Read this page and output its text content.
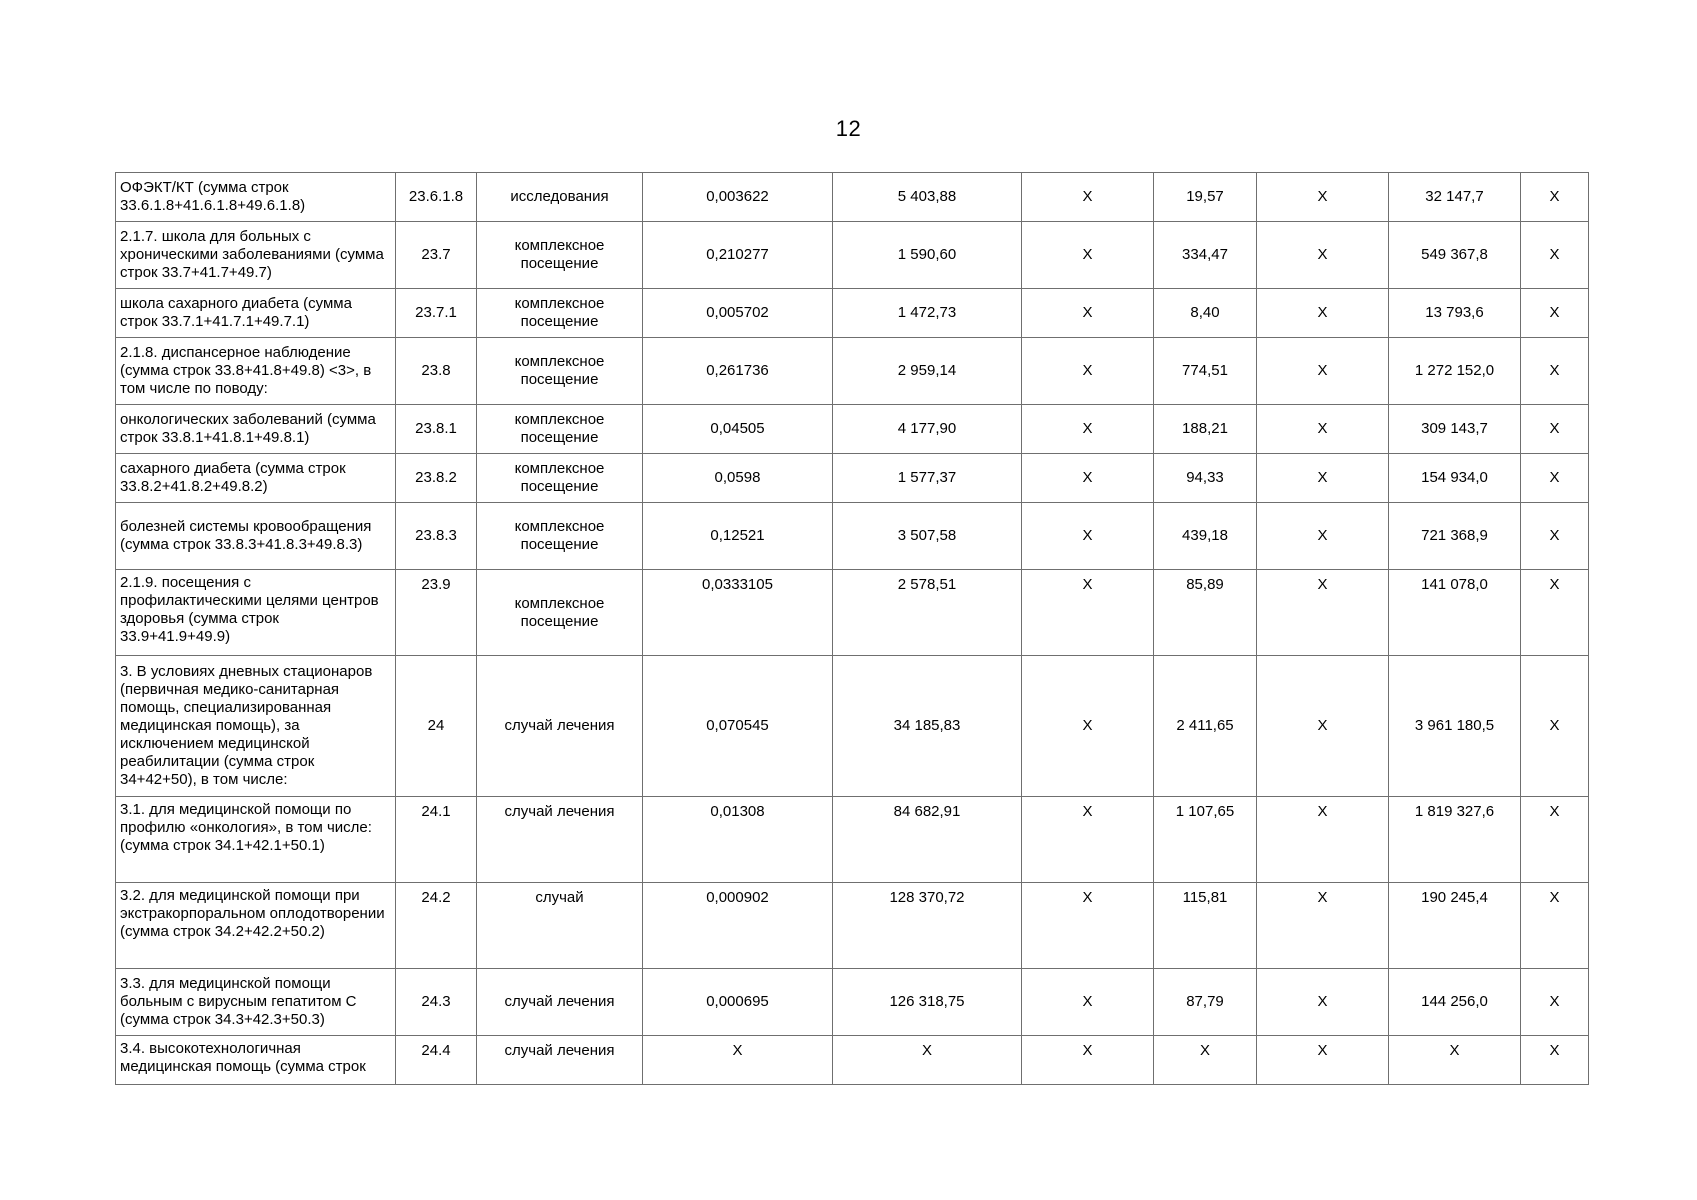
12
ОФЭКТ/КТ (сумма строк 33.6.1.8+41.6.1.8+49.6.1.8)	23.6.1.8	исследования	0,003622	5 403,88	Х	19,57	Х	32 147,7	Х
2.1.7. школа для больных с хроническими заболеваниями (сумма строк 33.7+41.7+49.7)	23.7	комплексное посещение	0,210277	1 590,60	Х	334,47	Х	549 367,8	Х
школа сахарного диабета (сумма строк 33.7.1+41.7.1+49.7.1)	23.7.1	комплексное посещение	0,005702	1 472,73	Х	8,40	Х	13 793,6	Х
2.1.8. диспансерное наблюдение (сумма строк 33.8+41.8+49.8) <3>, в том числе по поводу:	23.8	комплексное посещение	0,261736	2 959,14	Х	774,51	Х	1 272 152,0	Х
онкологических заболеваний (сумма строк 33.8.1+41.8.1+49.8.1)	23.8.1	комплексное посещение	0,04505	4 177,90	Х	188,21	Х	309 143,7	Х
сахарного диабета (сумма строк 33.8.2+41.8.2+49.8.2)	23.8.2	комплексное посещение	0,0598	1 577,37	Х	94,33	Х	154 934,0	Х
болезней системы кровообращения (сумма строк 33.8.3+41.8.3+49.8.3)	23.8.3	комплексное посещение	0,12521	3 507,58	Х	439,18	Х	721 368,9	Х
2.1.9. посещения с профилактическими целями центров здоровья (сумма строк 33.9+41.9+49.9)	23.9	комплексное посещение	0,0333105	2 578,51	Х	85,89	Х	141 078,0	Х
3. В условиях дневных стационаров (первичная медико-санитарная помощь, специализированная медицинская помощь), за исключением медицинской реабилитации (сумма строк 34+42+50), в том числе:	24	случай лечения	0,070545	34 185,83	Х	2 411,65	Х	3 961 180,5	Х
3.1. для медицинской помощи по профилю «онкология», в том числе: (сумма строк 34.1+42.1+50.1)	24.1	случай лечения	0,01308	84 682,91	Х	1 107,65	Х	1 819 327,6	Х
3.2. для медицинской помощи при экстракорпоральном оплодотворении (сумма строк 34.2+42.2+50.2)	24.2	случай	0,000902	128 370,72	Х	115,81	Х	190 245,4	Х
3.3. для медицинской помощи больным с вирусным гепатитом С (сумма строк 34.3+42.3+50.3)	24.3	случай лечения	0,000695	126 318,75	Х	87,79	Х	144 256,0	Х
3.4. высокотехнологичная медицинская помощь (сумма строк	24.4	случай лечения	Х	Х	Х	Х	Х	Х	Х
